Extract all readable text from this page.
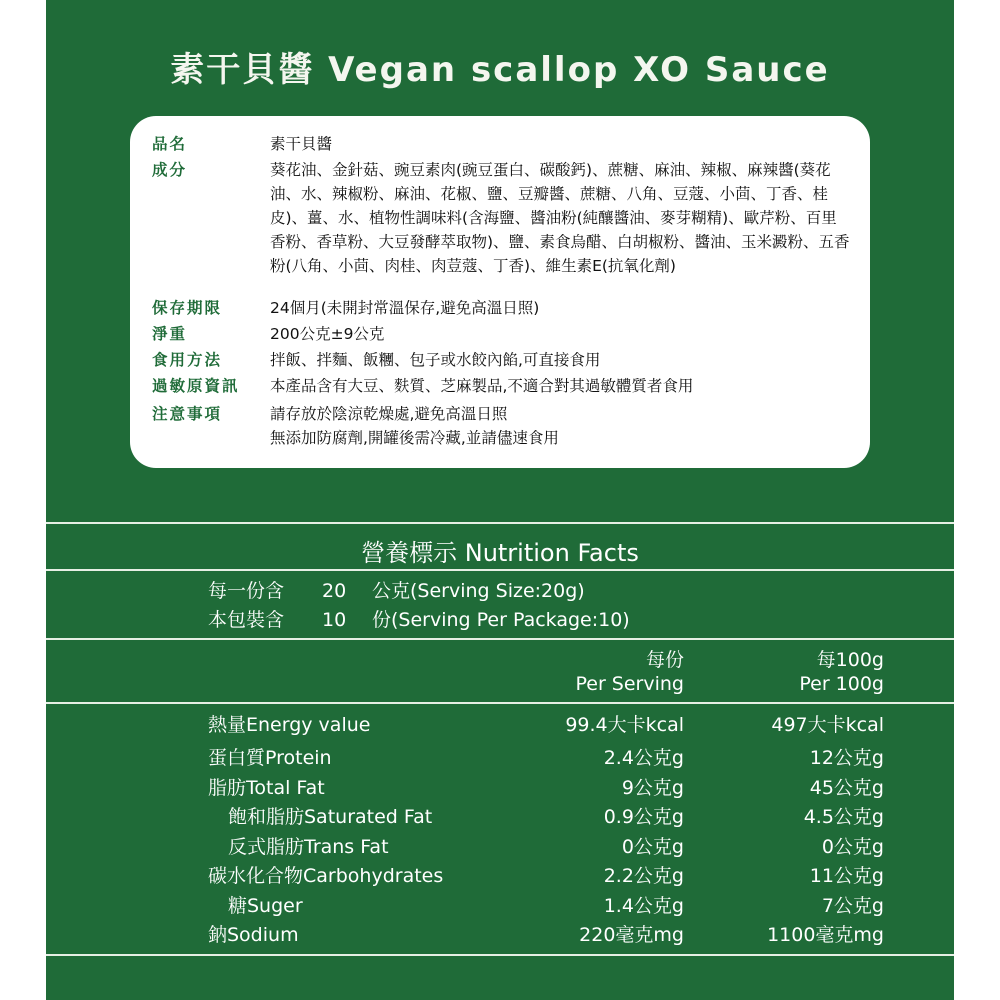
素干貝醬 Vegan scallop XO Sauce
品名	素干貝醬
成分	葵花油、金針菇、豌豆素肉(豌豆蛋白、碳酸鈣)、蔗糖、麻油、辣椒、麻辣醬(葵花油、水、辣椒粉、麻油、花椒、鹽、豆瓣醬、蔗糖、八角、豆蔻、小茴、丁香、桂皮)、薑、水、植物性調味料(含海鹽、醬油粉(純釀醬油、麥芽糊精)、歐芹粉、百里香粉、香草粉、大豆發酵萃取物)、鹽、素食烏醋、白胡椒粉、醬油、玉米澱粉、五香粉(八角、小茴、肉桂、肉荳蔻、丁香)、維生素E(抗氧化劑)
保存期限	24個月(未開封常溫保存,避免高溫日照)
淨重	200公克±9公克
食用方法	拌飯、拌麵、飯糰、包子或水餃內餡,可直接食用
過敏原資訊	本產品含有大豆、麩質、芝麻製品,不適合對其過敏體質者食用
注意事項	請存放於陰涼乾燥處,避免高溫日照
無添加防腐劑,開罐後需冷藏,並請儘速食用
營養標示 Nutrition Facts
每一份含 20 公克(Serving Size:20g)
本包裝含 10 份(Serving Per Package:10)
每份
Per Serving
每100g
Per 100g
熱量Energy value	99.4大卡kcal	497大卡kcal
蛋白質Protein	2.4公克g	12公克g
脂肪Total Fat	9公克g	45公克g
飽和脂肪Saturated Fat	0.9公克g	4.5公克g
反式脂肪Trans Fat	0公克g	0公克g
碳水化合物Carbohydrates	2.2公克g	11公克g
糖Suger	1.4公克g	7公克g
鈉Sodium	220毫克mg	1100毫克mg
